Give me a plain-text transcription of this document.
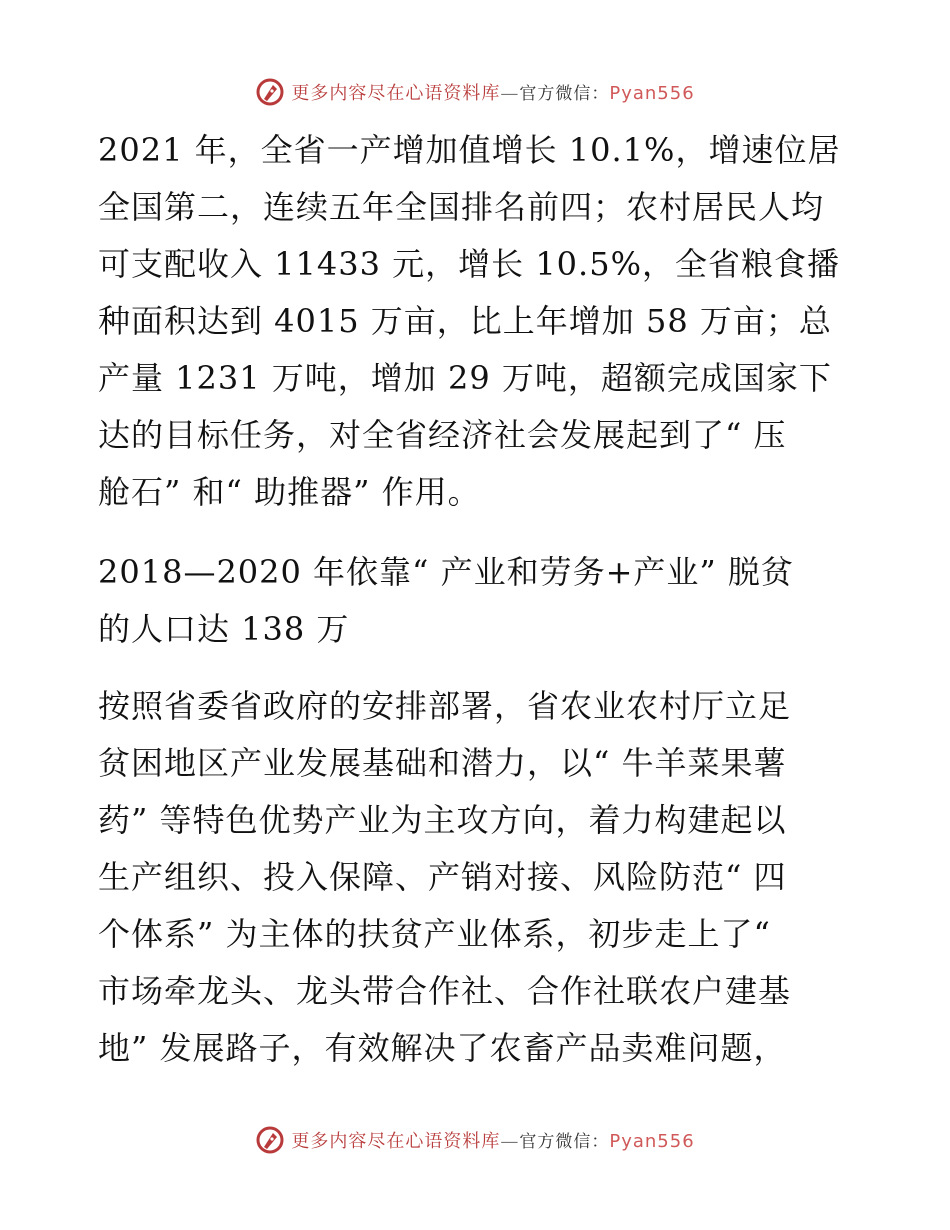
更多内容尽在心语资料库—官方微信：Pyan556
2021 年，全省一产增加值增长 10.1%，增速位居
全国第二，连续五年全国排名前四；农村居民人均
可支配收入 11433 元，增长 10.5%，全省粮食播
种面积达到 4015 万亩，比上年增加 58 万亩；总
产量 1231 万吨，增加 29 万吨，超额完成国家下
达的目标任务，对全省经济社会发展起到了“ 压
舱石” 和“ 助推器” 作用。
2018—2020 年依靠“ 产业和劳务+产业” 脱贫
的人口达 138 万
按照省委省政府的安排部署，省农业农村厅立足
贫困地区产业发展基础和潜力，以“ 牛羊菜果薯
药” 等特色优势产业为主攻方向，着力构建起以
生产组织、投入保障、产销对接、风险防范“ 四
个体系” 为主体的扶贫产业体系，初步走上了“
市场牵龙头、龙头带合作社、合作社联农户建基
地” 发展路子，有效解决了农畜产品卖难问题，
更多内容尽在心语资料库—官方微信：Pyan556
